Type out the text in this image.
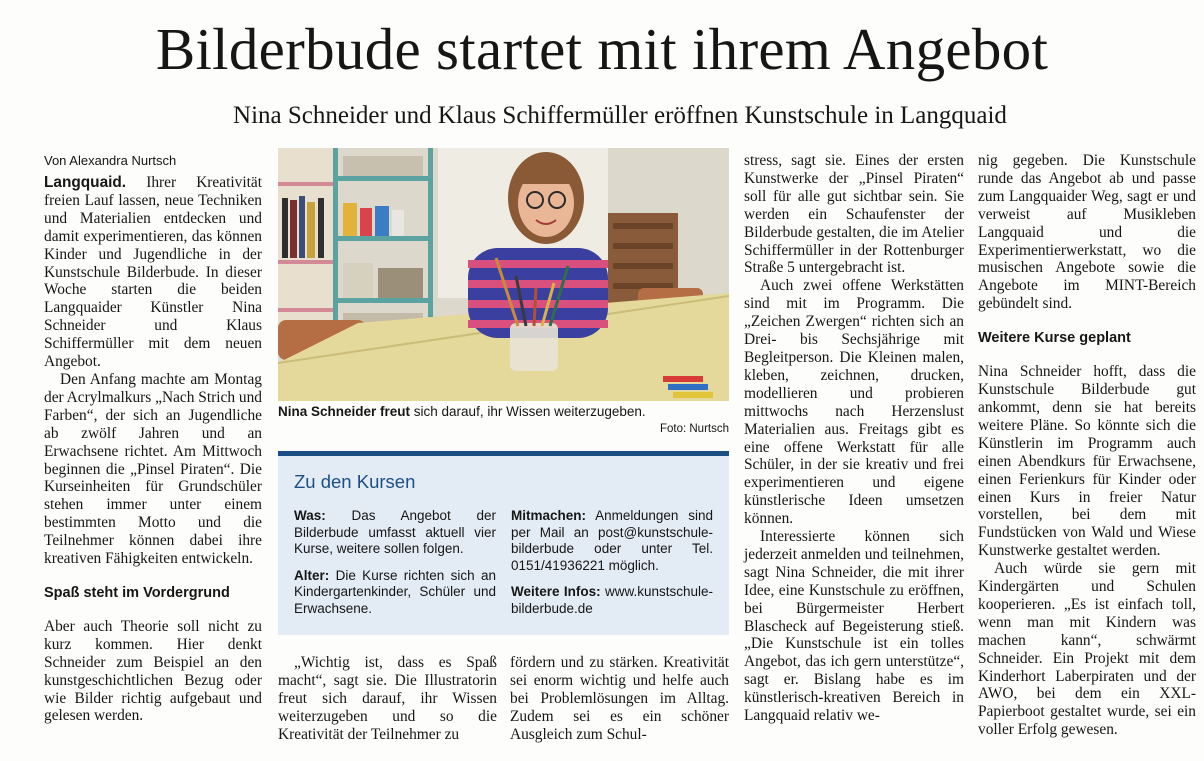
Bilderbude startet mit ihrem Angebot
Nina Schneider und Klaus Schiffermüller eröffnen Kunstschule in Langquaid
Von Alexandra Nurtsch

Langquaid. Ihrer Kreativität freien Lauf lassen, neue Techniken und Materialien entdecken und damit experimentieren, das können Kinder und Jugendliche in der Kunstschule Bilderbude. In dieser Woche starten die beiden Langquaider Künstler Nina Schneider und Klaus Schiffermüller mit dem neuen Angebot.

Den Anfang machte am Montag der Acrylmalkurs „Nach Strich und Farben“, der sich an Jugendliche ab zwölf Jahren und an Erwachsene richtet. Am Mittwoch beginnen die „Pinsel Piraten“. Die Kurseinheiten für Grundschüler stehen immer unter einem bestimmten Motto und die Teilnehmer können dabei ihre kreativen Fähigkeiten entwickeln.

Spaß steht im Vordergrund

Aber auch Theorie soll nicht zu kurz kommen. Hier denkt Schneider zum Beispiel an den kunstgeschichtlichen Bezug oder wie Bilder richtig aufgebaut und gelesen werden.

Nina Schneider freut sich darauf, ihr Wissen weiterzugeben.
Foto: Nurtsch
Zu den Kursen
Was: Das Angebot der Bilderbude umfasst aktuell vier Kurse, weitere sollen folgen.
Alter: Die Kurse richten sich an Kindergartenkinder, Schüler und Erwachsene.
Mitmachen: Anmeldungen sind per Mail an post@kunstschule-bilderbude oder unter Tel. 0151/41936221 möglich.
Weitere Infos: www.kunstschule-bilderbude.de

„Wichtig ist, dass es Spaß macht“, sagt sie. Die Illustratorin freut sich darauf, ihr Wissen weiterzugeben und so die Kreativität der Teilnehmer zu

fördern und zu stärken. Kreativität sei enorm wichtig und helfe auch bei Problemlösungen im Alltag. Zudem sei es ein schöner Ausgleich zum Schul-

stress, sagt sie. Eines der ersten Kunstwerke der „Pinsel Piraten“ soll für alle gut sichtbar sein. Sie werden ein Schaufenster der Bilderbude gestalten, die im Atelier Schiffermüller in der Rottenburger Straße 5 untergebracht ist.

Auch zwei offene Werkstätten sind mit im Programm. Die „Zeichen Zwergen“ richten sich an Drei- bis Sechsjährige mit Begleitperson. Die Kleinen malen, kleben, zeichnen, drucken, modellieren und probieren mittwochs nach Herzenslust Materialien aus. Freitags gibt es eine offene Werkstatt für alle Schüler, in der sie kreativ und frei experimentieren und eigene künstlerische Ideen umsetzen können.

Interessierte können sich jederzeit anmelden und teilnehmen, sagt Nina Schneider, die mit ihrer Idee, eine Kunstschule zu eröffnen, bei Bürgermeister Herbert Blascheck auf Begeisterung stieß. „Die Kunstschule ist ein tolles Angebot, das ich gern unterstütze“, sagt er. Bislang habe es im künstlerisch-kreativen Bereich in Langquaid relativ we-

nig gegeben. Die Kunstschule runde das Angebot ab und passe zum Langquaider Weg, sagt er und verweist auf Musikleben Langquaid und die Experimentierwerkstatt, wo die musischen Angebote sowie die Angebote im MINT-Bereich gebündelt sind.

Weitere Kurse geplant

Nina Schneider hofft, dass die Kunstschule Bilderbude gut ankommt, denn sie hat bereits weitere Pläne. So könnte sich die Künstlerin im Programm auch einen Abendkurs für Erwachsene, einen Ferienkurs für Kinder oder einen Kurs in freier Natur vorstellen, bei dem mit Fundstücken von Wald und Wiese Kunstwerke gestaltet werden.

Auch würde sie gern mit Kindergärten und Schulen kooperieren. „Es ist einfach toll, wenn man mit Kindern was machen kann“, schwärmt Schneider. Ein Projekt mit dem Kinderhort Laberpiraten und der AWO, bei dem ein XXL-Papierboot gestaltet wurde, sei ein voller Erfolg gewesen.
